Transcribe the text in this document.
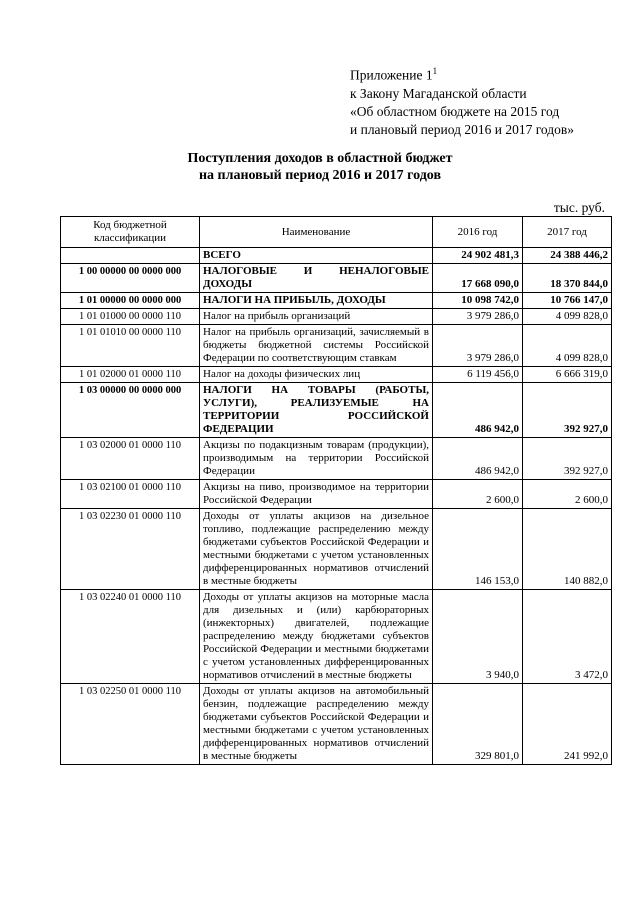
Приложение $1^1$
к Закону Магаданской области
«Об областном бюджете на 2015 год
и плановый период 2016 и 2017 годов»
Поступления доходов в областной бюджет
на плановый период 2016 и 2017 годов
тыс. руб.
Код бюджетной классификации	Наименование	2016 год	2017 год
	ВСЕГО	24 902 481,3	24 388 446,2
1 00 00000 00 0000 000	НАЛОГОВЫЕ И НЕНАЛОГОВЫЕ ДОХОДЫ	17 668 090,0	18 370 844,0
1 01 00000 00 0000 000	НАЛОГИ НА ПРИБЫЛЬ, ДОХОДЫ	10 098 742,0	10 766 147,0
1 01 01000 00 0000 110	Налог на прибыль организаций	3 979 286,0	4 099 828,0
1 01 01010 00 0000 110	Налог на прибыль организаций, зачисляемый в бюджеты бюджетной системы Российской Федерации по соответствующим ставкам	3 979 286,0	4 099 828,0
1 01 02000 01 0000 110	Налог на доходы физических лиц	6 119 456,0	6 666 319,0
1 03 00000 00 0000 000	НАЛОГИ НА ТОВАРЫ (РАБОТЫ, УСЛУГИ), РЕАЛИЗУЕМЫЕ НА ТЕРРИТОРИИ РОССИЙСКОЙ ФЕДЕРАЦИИ	486 942,0	392 927,0
1 03 02000 01 0000 110	Акцизы по подакцизным товарам (продукции), производимым на территории Российской Федерации	486 942,0	392 927,0
1 03 02100 01 0000 110	Акцизы на пиво, производимое на территории Российской Федерации	2 600,0	2 600,0
1 03 02230 01 0000 110	Доходы от уплаты акцизов на дизельное топливо, подлежащие распределению между бюджетами субъектов Российской Федерации и местными бюджетами с учетом установленных дифференцированных нормативов отчислений в местные бюджеты	146 153,0	140 882,0
1 03 02240 01 0000 110	Доходы от уплаты акцизов на моторные масла для дизельных и (или) карбюраторных (инжекторных) двигателей, подлежащие распределению между бюджетами субъектов Российской Федерации и местными бюджетами с учетом установленных дифференцированных нормативов отчислений в местные бюджеты	3 940,0	3 472,0
1 03 02250 01 0000 110	Доходы от уплаты акцизов на автомобильный бензин, подлежащие распределению между бюджетами субъектов Российской Федерации и местными бюджетами с учетом установленных дифференцированных нормативов отчислений в местные бюджеты	329 801,0	241 992,0
